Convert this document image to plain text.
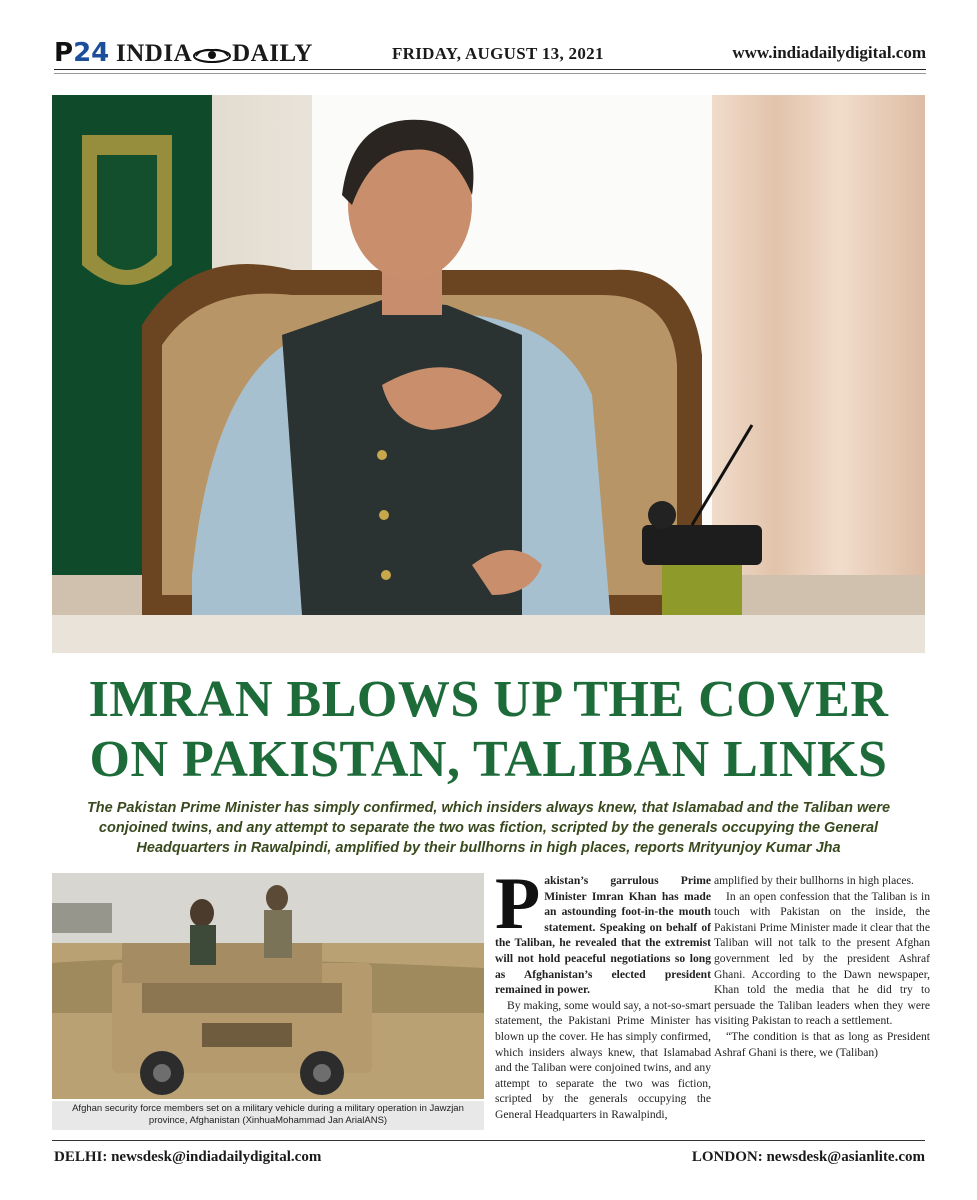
P24 INDIA DAILY	FRIDAY, AUGUST 13, 2021	www.indiadailydigital.com
IMRAN BLOWS UP THE COVER
ON PAKISTAN, TALIBAN LINKS
The Pakistan Prime Minister has simply confirmed, which insiders always knew, that Islamabad and the Taliban were conjoined twins, and any attempt to separate the two was fiction, scripted by the generals occupying the General Headquarters in Rawalpindi, amplified by their bullhorns in high places, reports Mrityunjoy Kumar Jha
Afghan security force members set on a military vehicle during a military operation in Jawzjan province, Afghanistan (XinhuaMohammad Jan ArialANS)

Pakistan’s garrulous Prime Minister Imran Khan has made an astounding foot-in-the mouth statement. Speaking on behalf of the Taliban, he revealed that the extremist will not hold peaceful negotiations so long as Afghanistan’s elected president remained in power.

By making, some would say, a not-so-smart statement, the Pakistani Prime Minister has blown up the cover. He has simply confirmed, which insiders always knew, that Islamabad and the Taliban were conjoined twins, and any attempt to separate the two was fiction, scripted by the generals occupying the General Headquarters in Rawalpindi,

amplified by their bullhorns in high places.

In an open confession that the Taliban is in touch with Pakistan on the inside, the Pakistani Prime Minister made it clear that the Taliban will not talk to the present Afghan government led by the president Ashraf Ghani. According to the Dawn newspaper, Khan told the media that he did try to persuade the Taliban leaders when they were visiting Pakistan to reach a settlement.

“The condition is that as long as President Ashraf Ghani is there, we (Taliban)

DELHI: newsdesk@indiadailydigital.com	LONDON: newsdesk@asianlite.com
